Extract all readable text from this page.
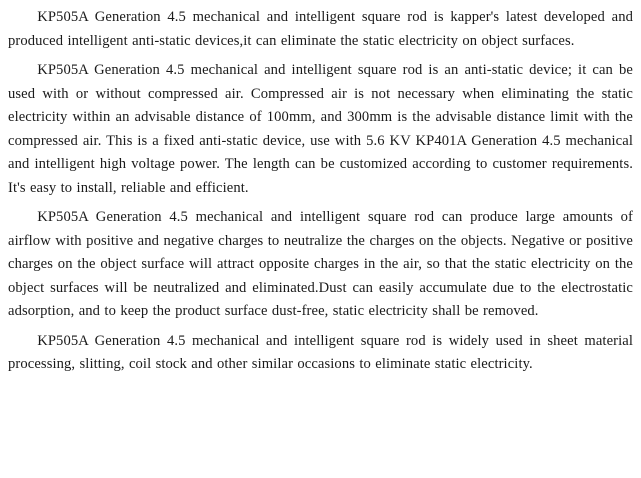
KP505A Generation 4.5 mechanical and intelligent square rod is kapper's latest developed and produced intelligent anti-static devices,it can eliminate the static electricity on object surfaces.

KP505A Generation 4.5 mechanical and intelligent square rod is an anti-static device; it can be used with or without compressed air. Compressed air is not necessary when eliminating the static electricity within an advisable distance of 100mm, and 300mm is the advisable distance limit with the compressed air. This is a fixed anti-static device, use with 5.6 KV KP401A Generation 4.5 mechanical and intelligent high voltage power. The length can be customized according to customer requirements. It's easy to install, reliable and efficient.

KP505A Generation 4.5 mechanical and intelligent square rod can produce large amounts of airflow with positive and negative charges to neutralize the charges on the objects. Negative or positive charges on the object surface will attract opposite charges in the air, so that the static electricity on the object surfaces will be neutralized and eliminated.Dust can easily accumulate due to the electrostatic adsorption, and to keep the product surface dust-free, static electricity shall be removed.

KP505A Generation 4.5 mechanical and intelligent square rod is widely used in sheet material processing, slitting, coil stock and other similar occasions to eliminate static electricity.
